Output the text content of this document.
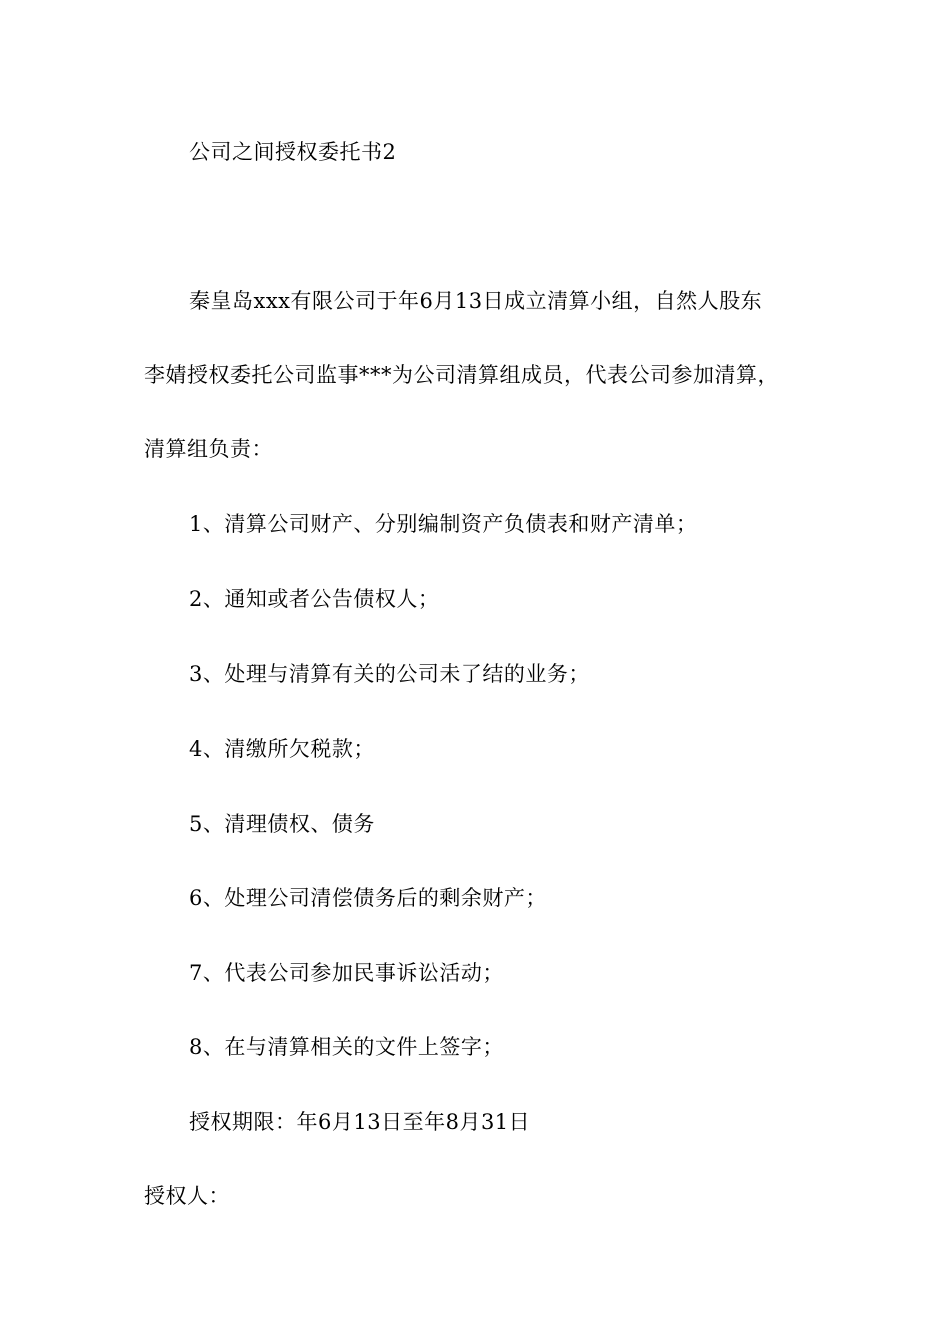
公司之间授权委托书2
秦皇岛xxx有限公司于年6月13日成立清算小组，自然人股东
李婧授权委托公司监事***为公司清算组成员，代表公司参加清算，
清算组负责：
1、清算公司财产、分别编制资产负债表和财产清单；
2、通知或者公告债权人；
3、处理与清算有关的公司未了结的业务；
4、清缴所欠税款；
5、清理债权、债务
6、处理公司清偿债务后的剩余财产；
7、代表公司参加民事诉讼活动；
8、在与清算相关的文件上签字；
授权期限：年6月13日至年8月31日
授权人：
